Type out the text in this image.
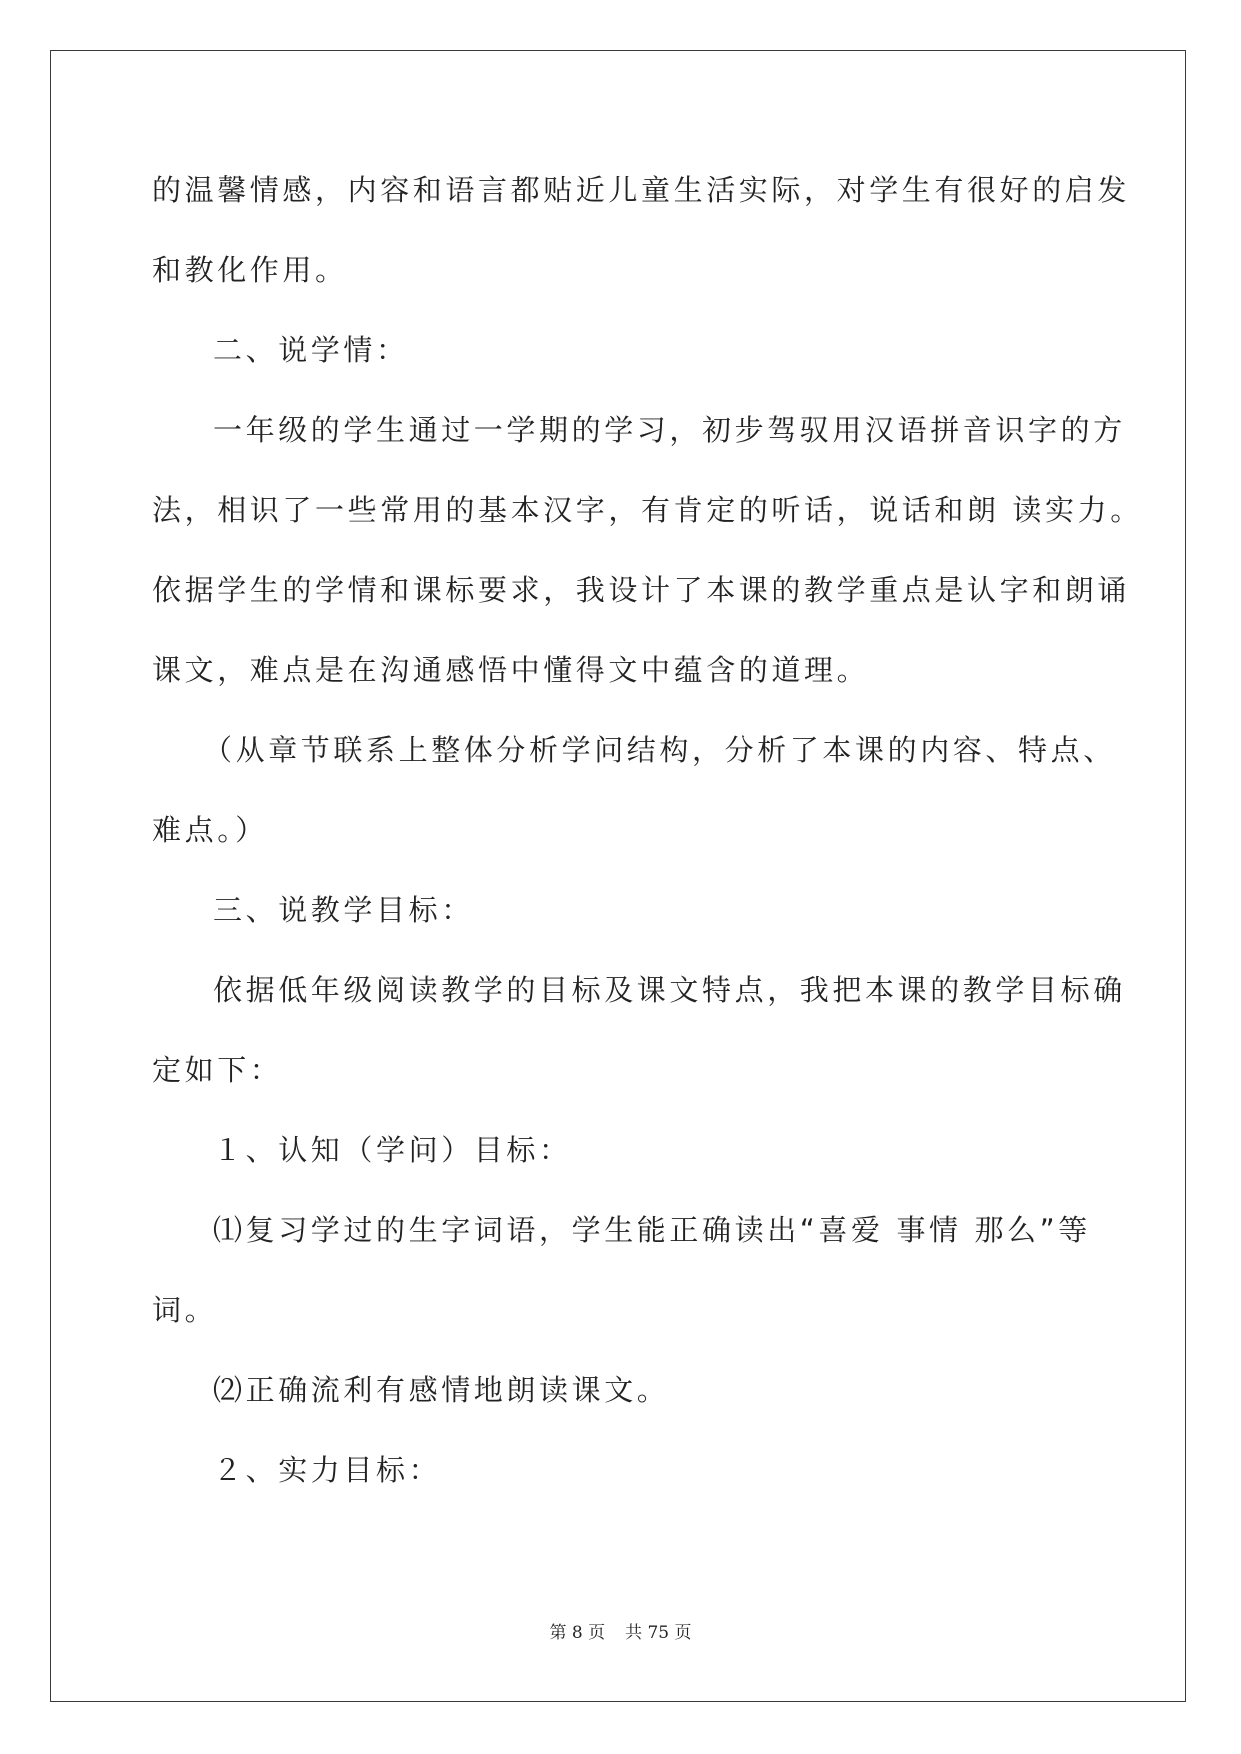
的温馨情感，内容和语言都贴近儿童生活实际，对学生有很好的启发
和教化作用。
二、说学情：
一年级的学生通过一学期的学习，初步驾驭用汉语拼音识字的方
法，相识了一些常用的基本汉字，有肯定的听话，说话和朗 读实力。
依据学生的学情和课标要求，我设计了本课的教学重点是认字和朗诵
课文，难点是在沟通感悟中懂得文中蕴含的道理。
（从章节联系上整体分析学问结构，分析了本课的内容、特点、
难点。）
三、说教学目标：
依据低年级阅读教学的目标及课文特点，我把本课的教学目标确
定如下：
１、认知（学问）目标：
⑴复习学过的生字词语，学生能正确读出“喜爱 事情 那么”等
词。
⑵正确流利有感情地朗读课文。
２、实力目标：
第 8 页 共 75 页
